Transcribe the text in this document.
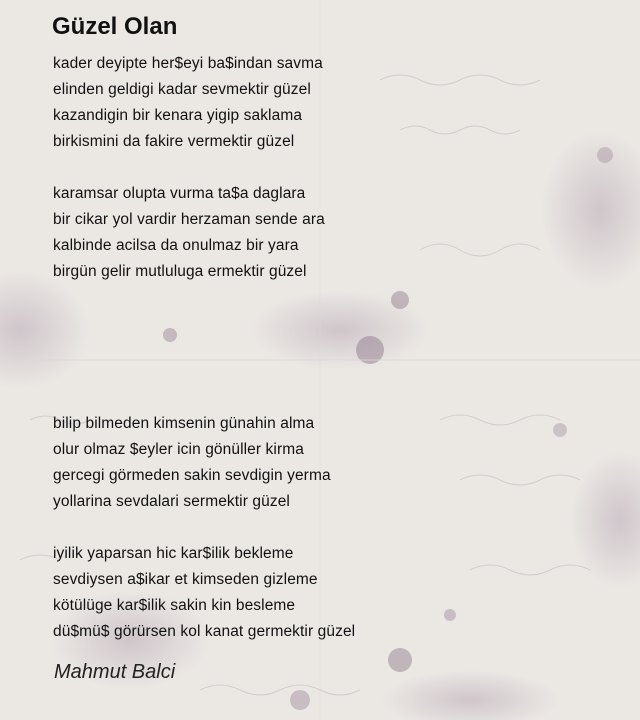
Güzel Olan
kader deyipte her$eyi ba$indan savma
elinden geldigi kadar sevmektir güzel
kazandigin bir kenara yigip saklama
birkismini da fakire vermektir güzel
karamsar olupta vurma ta$a daglara
bir cikar yol vardir herzaman sende ara
kalbinde acilsa da onulmaz bir yara
birgün gelir mutluluga ermektir güzel
bilip bilmeden kimsenin günahin alma
olur olmaz $eyler icin gönüller kirma
gercegi görmeden sakin sevdigin yerma
yollarina sevdalari sermektir güzel
iyilik yaparsan hic kar$ilik bekleme
sevdiysen a$ikar et kimseden gizleme
kötülüge kar$ilik sakin kin besleme
dü$mü$ görürsen kol kanat germektir güzel
Mahmut Balci
